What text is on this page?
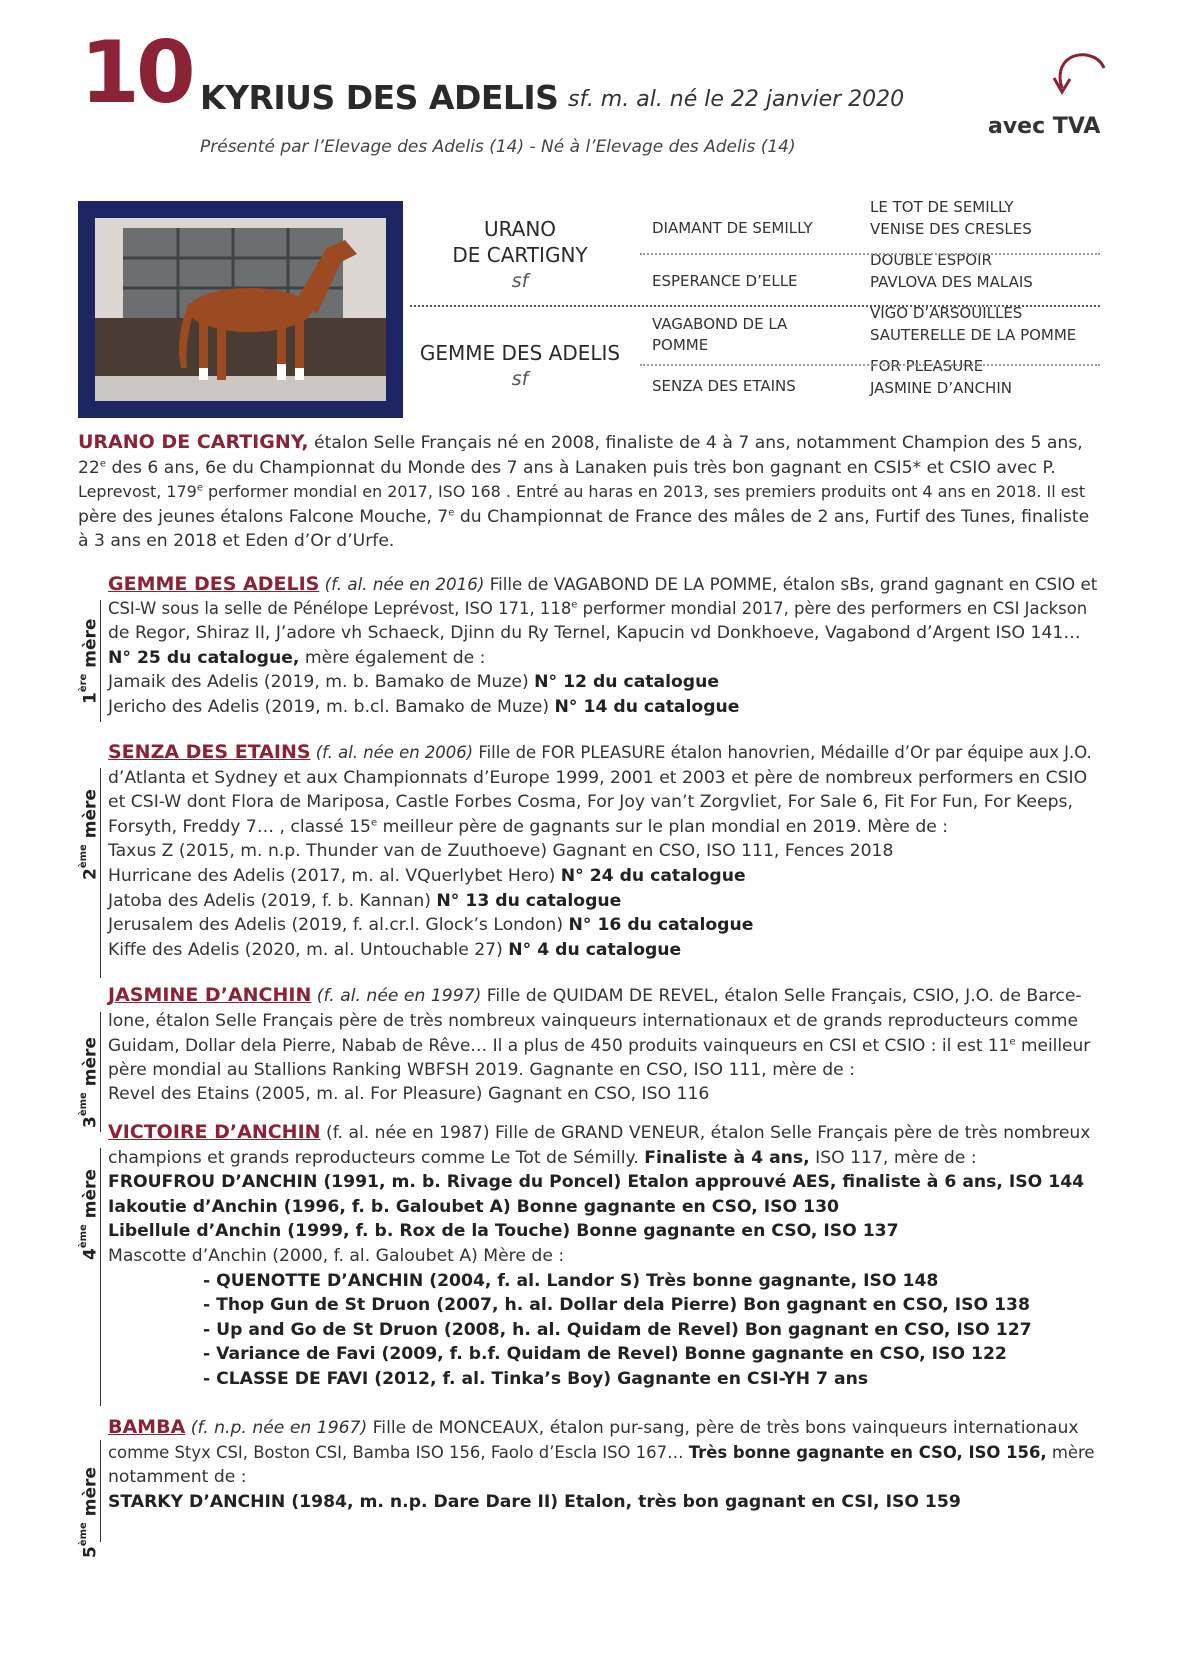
10 KYRIUS DES ADELIS sf. m. al. né le 22 janvier 2020
Présenté par l’Elevage des Adelis (14) - Né à l’Elevage des Adelis (14)
avec TVA
URANO
DE CARTIGNY
sf
GEMME DES ADELIS
sf
DIAMANT DE SEMILLY
ESPERANCE D’ELLE
VAGABOND DE LA
POMME
SENZA DES ETAINS
LE TOT DE SEMILLY
VENISE DES CRESLES
DOUBLE ESPOIR
PAVLOVA DES MALAIS
VIGO D’ARSOUILLES
SAUTERELLE DE LA POMME
FOR PLEASURE
JASMINE D’ANCHIN
URANO DE CARTIGNY, étalon Selle Français né en 2008, finaliste de 4 à 7 ans, notamment Champion des 5 ans,
22e des 6 ans, 6e du Championnat du Monde des 7 ans à Lanaken puis très bon gagnant en CSI5* et CSIO avec P.
Leprevost, 179e performer mondial en 2017, ISO 168 . Entré au haras en 2013, ses premiers produits ont 4 ans en 2018. Il est
père des jeunes étalons Falcone Mouche, 7e du Championnat de France des mâles de 2 ans, Furtif des Tunes, finaliste
à 3 ans en 2018 et Eden d’Or d’Urfe.
1ère mère
GEMME DES ADELIS (f. al. née en 2016) Fille de VAGABOND DE LA POMME, étalon sBs, grand gagnant en CSIO et
CSI-W sous la selle de Pénélope Leprévost, ISO 171, 118e performer mondial 2017, père des performers en CSI Jackson
de Regor, Shiraz II, J’adore vh Schaeck, Djinn du Ry Ternel, Kapucin vd Donkhoeve, Vagabond d’Argent ISO 141…
N° 25 du catalogue, mère également de :
Jamaik des Adelis (2019, m. b. Bamako de Muze) N° 12 du catalogue
Jericho des Adelis (2019, m. b.cl. Bamako de Muze) N° 14 du catalogue
2ème mère
SENZA DES ETAINS (f. al. née en 2006) Fille de FOR PLEASURE étalon hanovrien, Médaille d’Or par équipe aux J.O.
d’Atlanta et Sydney et aux Championnats d’Europe 1999, 2001 et 2003 et père de nombreux performers en CSIO
et CSI-W dont Flora de Mariposa, Castle Forbes Cosma, For Joy van’t Zorgvliet, For Sale 6, Fit For Fun, For Keeps,
Forsyth, Freddy 7… , classé 15e meilleur père de gagnants sur le plan mondial en 2019. Mère de :
Taxus Z (2015, m. n.p. Thunder van de Zuuthoeve) Gagnant en CSO, ISO 111, Fences 2018
Hurricane des Adelis (2017, m. al. VQuerlybet Hero) N° 24 du catalogue
Jatoba des Adelis (2019, f. b. Kannan) N° 13 du catalogue
Jerusalem des Adelis (2019, f. al.cr.l. Glock’s London) N° 16 du catalogue
Kiffe des Adelis (2020, m. al. Untouchable 27) N° 4 du catalogue
3ème mère
JASMINE D’ANCHIN (f. al. née en 1997) Fille de QUIDAM DE REVEL, étalon Selle Français, CSIO, J.O. de Barce-
lone, étalon Selle Français père de très nombreux vainqueurs internationaux et de grands reproducteurs comme
Guidam, Dollar dela Pierre, Nabab de Rêve… Il a plus de 450 produits vainqueurs en CSI et CSIO : il est 11e meilleur
père mondial au Stallions Ranking WBFSH 2019. Gagnante en CSO, ISO 111, mère de :
Revel des Etains (2005, m. al. For Pleasure) Gagnant en CSO, ISO 116
4ème mère
VICTOIRE D’ANCHIN (f. al. née en 1987) Fille de GRAND VENEUR, étalon Selle Français père de très nombreux
champions et grands reproducteurs comme Le Tot de Sémilly. Finaliste à 4 ans, ISO 117, mère de :
FROUFROU D’ANCHIN (1991, m. b. Rivage du Poncel) Etalon approuvé AES, finaliste à 6 ans, ISO 144
Iakoutie d’Anchin (1996, f. b. Galoubet A) Bonne gagnante en CSO, ISO 130
Libellule d’Anchin (1999, f. b. Rox de la Touche) Bonne gagnante en CSO, ISO 137
Mascotte d’Anchin (2000, f. al. Galoubet A) Mère de :
- QUENOTTE D’ANCHIN (2004, f. al. Landor S) Très bonne gagnante, ISO 148
- Thop Gun de St Druon (2007, h. al. Dollar dela Pierre) Bon gagnant en CSO, ISO 138
- Up and Go de St Druon (2008, h. al. Quidam de Revel) Bon gagnant en CSO, ISO 127
- Variance de Favi (2009, f. b.f. Quidam de Revel) Bonne gagnante en CSO, ISO 122
- CLASSE DE FAVI (2012, f. al. Tinka’s Boy) Gagnante en CSI-YH 7 ans
5ème mère
BAMBA (f. n.p. née en 1967) Fille de MONCEAUX, étalon pur-sang, père de très bons vainqueurs internationaux
comme Styx CSI, Boston CSI, Bamba ISO 156, Faolo d’Escla ISO 167… Très bonne gagnante en CSO, ISO 156, mère
notamment de :
STARKY D’ANCHIN (1984, m. n.p. Dare Dare II) Etalon, très bon gagnant en CSI, ISO 159
